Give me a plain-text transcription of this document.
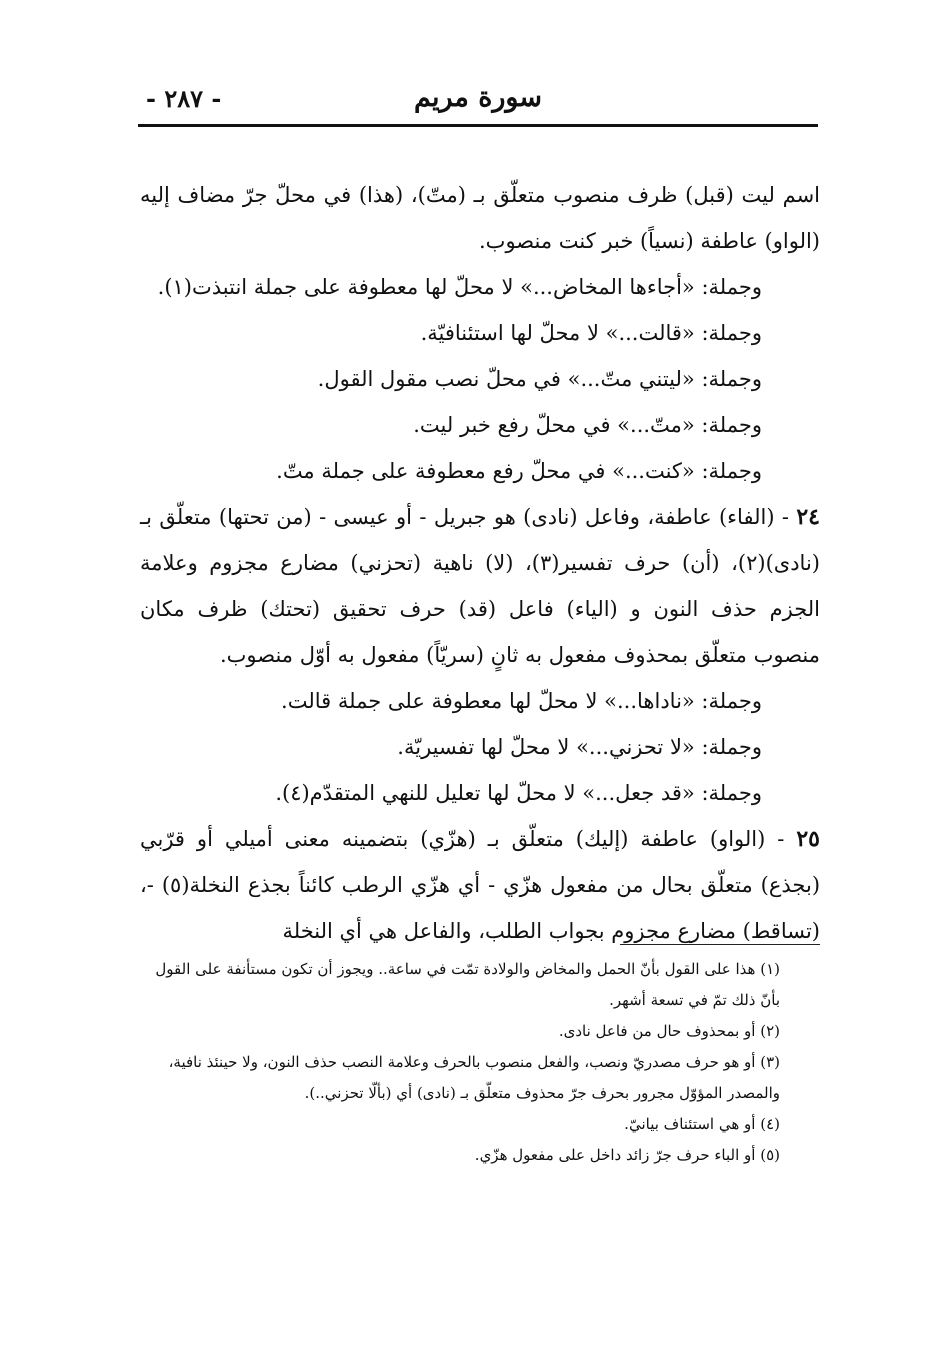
سورة مريم
- ٢٨٧ -

اسم ليت (قبل) ظرف منصوب متعلّق بـ (متّ)، (هذا) في محلّ جرّ مضاف إليه (الواو) عاطفة (نسياً) خبر كنت منصوب.

وجملة: «أجاءها المخاض...» لا محلّ لها معطوفة على جملة انتبذت(١).

وجملة: «قالت...» لا محلّ لها استئنافيّة.

وجملة: «ليتني متّ...» في محلّ نصب مقول القول.

وجملة: «متّ...» في محلّ رفع خبر ليت.

وجملة: «كنت...» في محلّ رفع معطوفة على جملة متّ.

٢٤ - (الفاء) عاطفة، وفاعل (نادى) هو جبريل - أو عيسى - (من تحتها) متعلّق بـ (نادى)(٢)، (أن) حرف تفسير(٣)، (لا) ناهية (تحزني) مضارع مجزوم وعلامة الجزم حذف النون و (الياء) فاعل (قد) حرف تحقيق (تحتك) ظرف مكان منصوب متعلّق بمحذوف مفعول به ثانٍ (سريّاً) مفعول به أوّل منصوب.

وجملة: «ناداها...» لا محلّ لها معطوفة على جملة قالت.

وجملة: «لا تحزني...» لا محلّ لها تفسيريّة.

وجملة: «قد جعل...» لا محلّ لها تعليل للنهي المتقدّم(٤).

٢٥ - (الواو) عاطفة (إليك) متعلّق بـ (هزّي) بتضمينه معنى أميلي أو قرّبي (بجذع) متعلّق بحال من مفعول هزّي - أي هزّي الرطب كائناً بجذع النخلة(٥) -، (تساقط) مضارع مجزوم بجواب الطلب، والفاعل هي أي النخلة

(١) هذا على القول بأنّ الحمل والمخاض والولادة تمّت في ساعة.. ويجوز أن تكون مستأنفة على القول بأنّ ذلك تمّ في تسعة أشهر.

(٢) أو بمحذوف حال من فاعل نادى.

(٣) أو هو حرف مصدريّ ونصب، والفعل منصوب بالحرف وعلامة النصب حذف النون، ولا حينئذ نافية، والمصدر المؤوّل مجرور بحرف جرّ محذوف متعلّق بـ (نادى) أي (بألّا تحزني..).

(٤) أو هي استئناف بيانيّ.

(٥) أو الباء حرف جرّ زائد داخل على مفعول هزّي.
